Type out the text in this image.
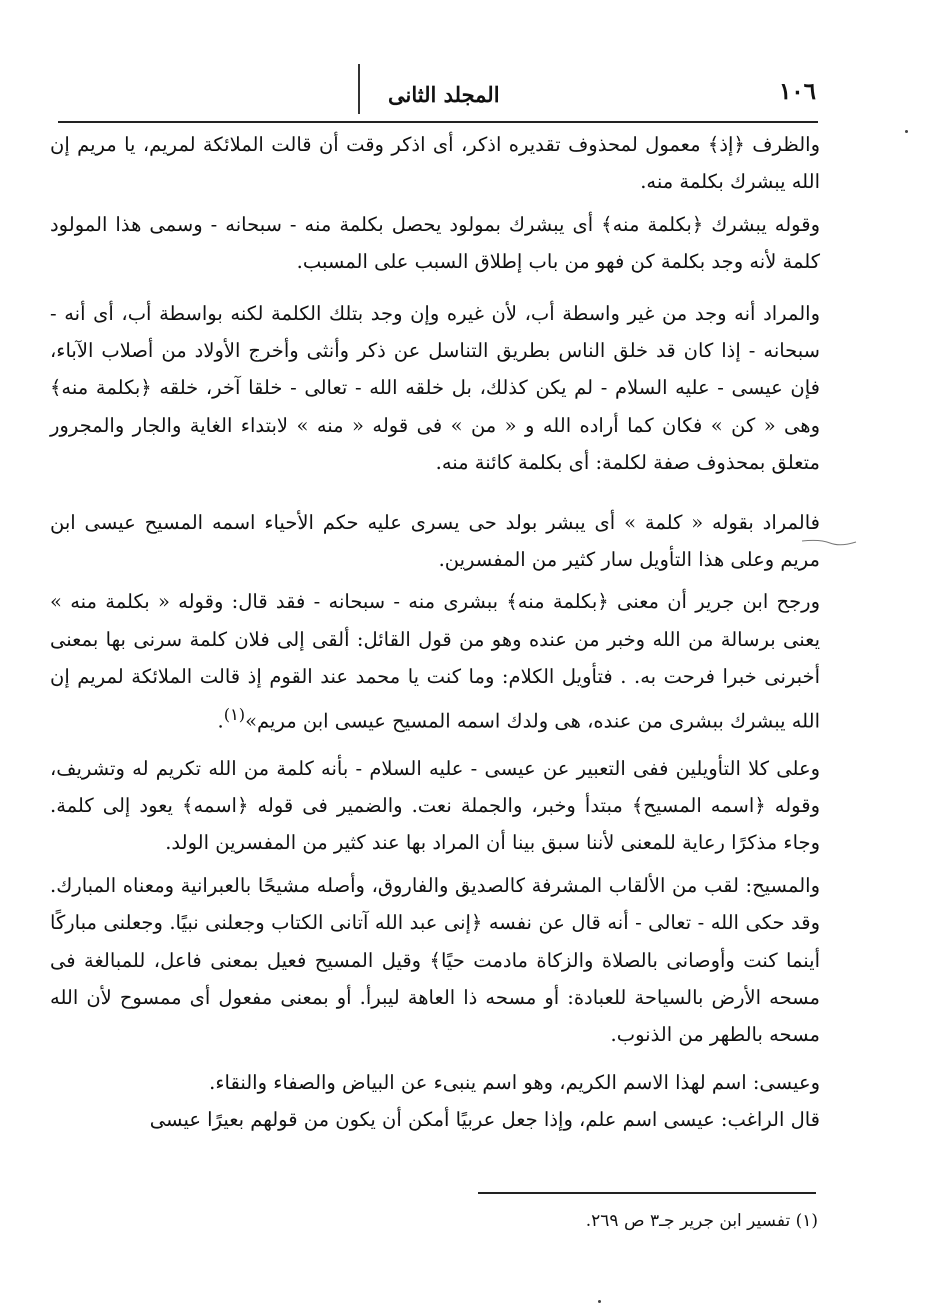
١٠٦
المجلد الثانى

والظرف ﴿إذ﴾ معمول لمحذوف تقديره اذكر، أى اذكر وقت أن قالت الملائكة لمريم، يا مريم إن الله يبشرك بكلمة منه.

وقوله يبشرك ﴿بكلمة منه﴾ أى يبشرك بمولود يحصل بكلمة منه - سبحانه - وسمى هذا المولود كلمة لأنه وجد بكلمة كن فهو من باب إطلاق السبب على المسبب.

والمراد أنه وجد من غير واسطة أب، لأن غيره وإن وجد بتلك الكلمة لكنه بواسطة أب، أى أنه - سبحانه - إذا كان قد خلق الناس بطريق التناسل عن ذكر وأنثى وأخرج الأولاد من أصلاب الآباء، فإن عيسى - عليه السلام - لم يكن كذلك، بل خلقه الله - تعالى - خلقا آخر، خلقه ﴿بكلمة منه﴾ وهى « كن » فكان كما أراده الله و « من » فى قوله « منه » لابتداء الغاية والجار والمجرور متعلق بمحذوف صفة لكلمة: أى بكلمة كائنة منه.

فالمراد بقوله « كلمة » أى يبشر بولد حى يسرى عليه حكم الأحياء اسمه المسيح عيسى ابن مريم وعلى هذا التأويل سار كثير من المفسرين.

ورجح ابن جرير أن معنى ﴿بكلمة منه﴾ ببشرى منه - سبحانه - فقد قال: وقوله « بكلمة منه » يعنى برسالة من الله وخبر من عنده وهو من قول القائل: ألقى إلى فلان كلمة سرنى بها بمعنى أخبرنى خبرا فرحت به. . فتأويل الكلام: وما كنت يا محمد عند القوم إذ قالت الملائكة لمريم إن الله يبشرك ببشرى من عنده، هى ولدك اسمه المسيح عيسى ابن مريم»$^{(١)}$.

وعلى كلا التأويلين ففى التعبير عن عيسى - عليه السلام - بأنه كلمة من الله تكريم له وتشريف، وقوله ﴿اسمه المسيح﴾ مبتدأ وخبر، والجملة نعت. والضمير فى قوله ﴿اسمه﴾ يعود إلى كلمة. وجاء مذكرًا رعاية للمعنى لأننا سبق بينا أن المراد بها عند كثير من المفسرين الولد.

والمسيح: لقب من الألقاب المشرفة كالصديق والفاروق، وأصله مشيحًا بالعبرانية ومعناه المبارك. وقد حكى الله - تعالى - أنه قال عن نفسه ﴿إنى عبد الله آتانى الكتاب وجعلنى نبيًا. وجعلنى مباركًا أينما كنت وأوصانى بالصلاة والزكاة مادمت حيًا﴾ وقيل المسيح فعيل بمعنى فاعل، للمبالغة فى مسحه الأرض بالسياحة للعبادة: أو مسحه ذا العاهة ليبرأ. أو بمعنى مفعول أى ممسوح لأن الله مسحه بالطهر من الذنوب.

وعيسى: اسم لهذا الاسم الكريم، وهو اسم ينبىء عن البياض والصفاء والنقاء.

قال الراغب: عيسى اسم علم، وإذا جعل عربيًا أمكن أن يكون من قولهم بعيرًا عيسى

(١) تفسير ابن جرير جـ٣ ص ٢٦٩.
